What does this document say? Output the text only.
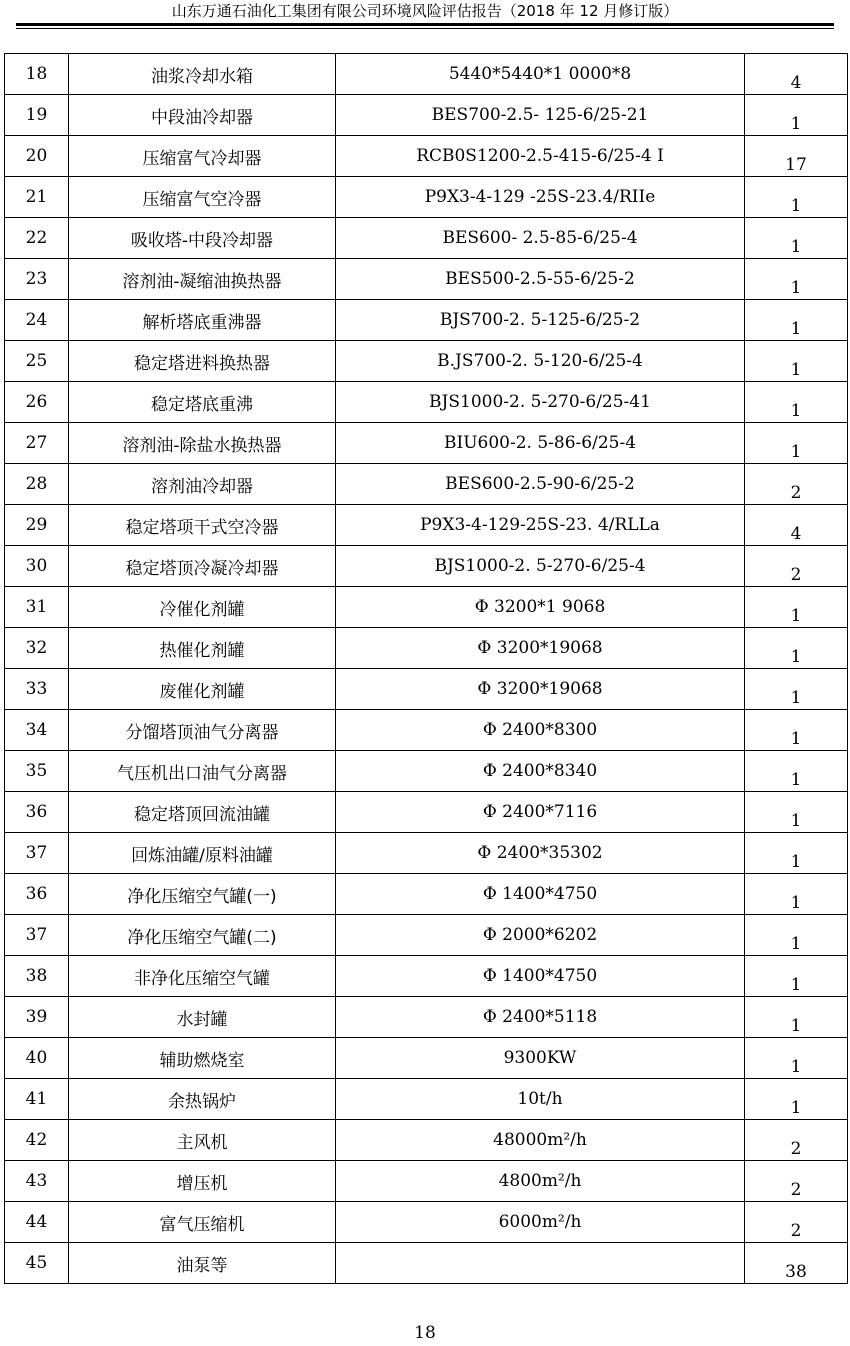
山东万通石油化工集团有限公司环境风险评估报告（2018 年 12 月修订版）
18	油浆冷却水箱	5440*5440*1 0000*8	4
19	中段油冷却器	BES700-2.5- 125-6/25-21	1
20	压缩富气冷却器	RCB0S1200-2.5-415-6/25-4 I	17
21	压缩富气空冷器	P9X3-4-129 -25S-23.4/RIIe	1
22	吸收塔-中段冷却器	BES600- 2.5-85-6/25-4	1
23	溶剂油-凝缩油换热器	BES500-2.5-55-6/25-2	1
24	解析塔底重沸器	BJS700-2. 5-125-6/25-2	1
25	稳定塔进料换热器	B.JS700-2. 5-120-6/25-4	1
26	稳定塔底重沸	BJS1000-2. 5-270-6/25-41	1
27	溶剂油-除盐水换热器	BIU600-2. 5-86-6/25-4	1
28	溶剂油冷却器	BES600-2.5-90-6/25-2	2
29	稳定塔项干式空冷器	P9X3-4-129-25S-23. 4/RLLa	4
30	稳定塔顶冷凝冷却器	BJS1000-2. 5-270-6/25-4	2
31	冷催化剂罐	Φ 3200*1 9068	1
32	热催化剂罐	Φ 3200*19068	1
33	废催化剂罐	Φ 3200*19068	1
34	分馏塔顶油气分离器	Φ 2400*8300	1
35	气压机出口油气分离器	Φ 2400*8340	1
36	稳定塔顶回流油罐	Φ 2400*7116	1
37	回炼油罐/原料油罐	Φ 2400*35302	1
36	净化压缩空气罐(一)	Φ 1400*4750	1
37	净化压缩空气罐(二)	Φ 2000*6202	1
38	非净化压缩空气罐	Φ 1400*4750	1
39	水封罐	Φ 2400*5118	1
40	辅助燃烧室	9300KW	1
41	余热锅炉	10t/h	1
42	主风机	48000m²/h	2
43	增压机	4800m²/h	2
44	富气压缩机	6000m²/h	2
45	油泵等		38
18
